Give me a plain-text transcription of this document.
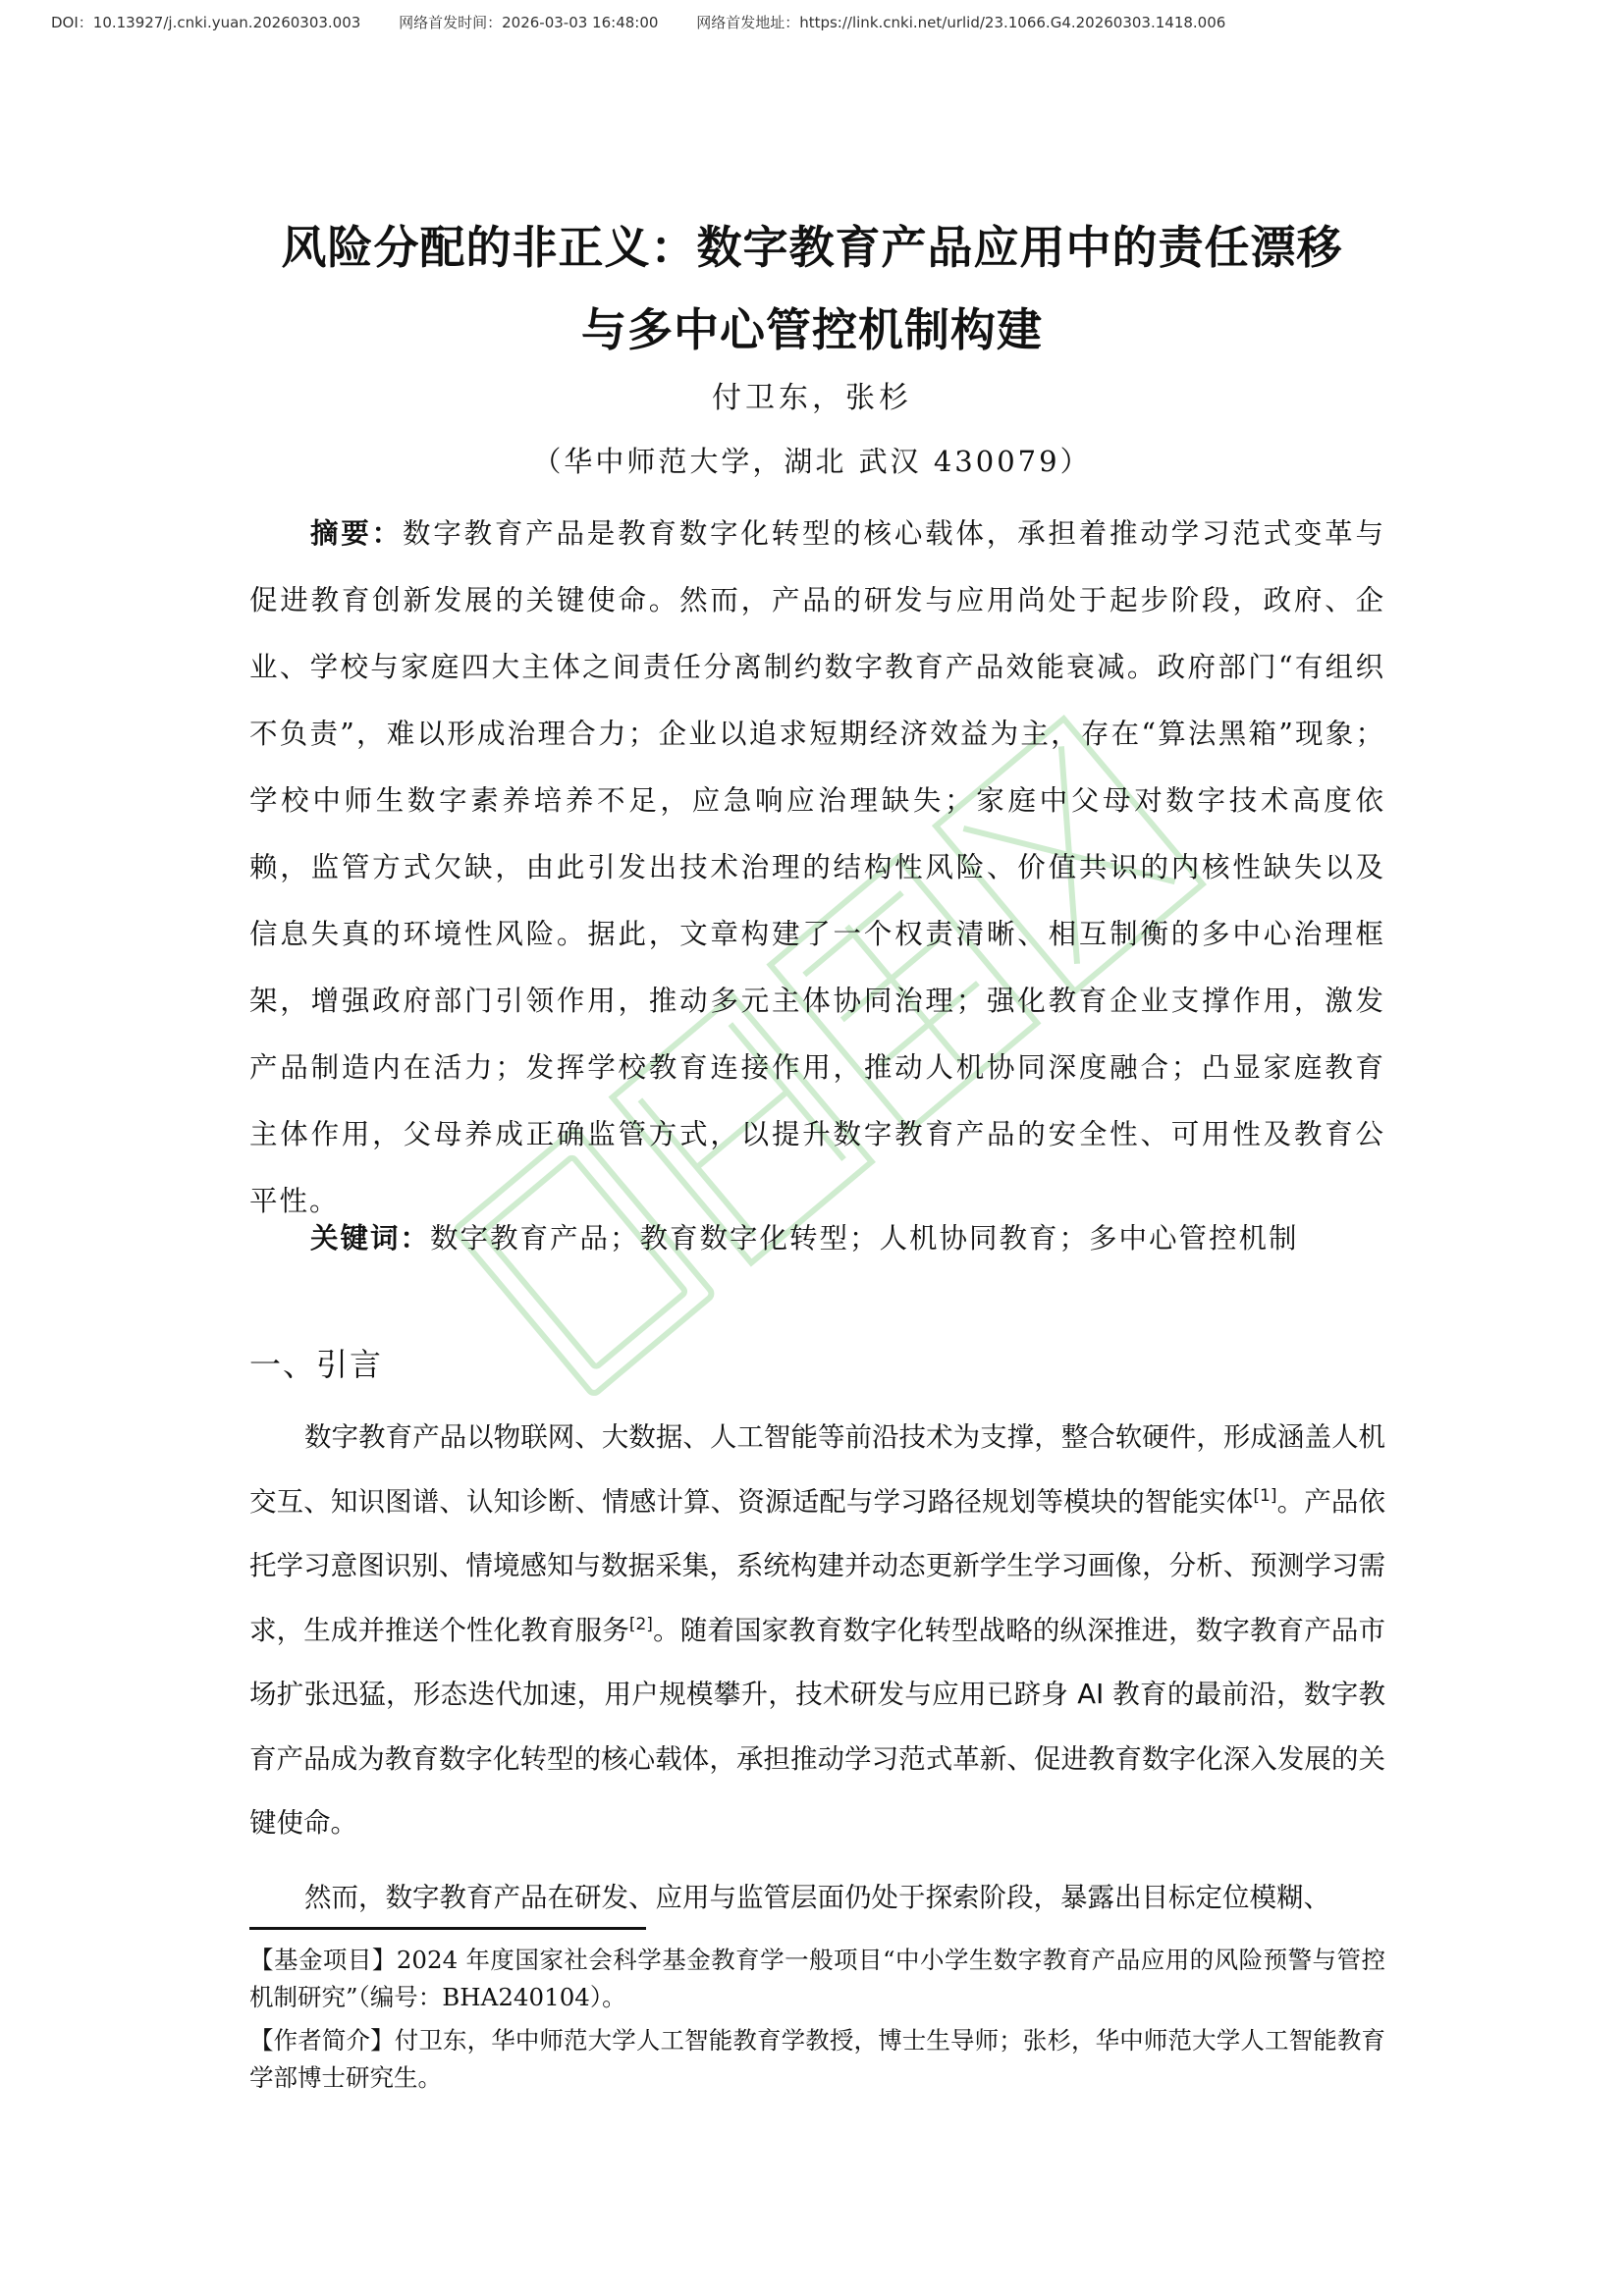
DOI：10.13927/j.cnki.yuan.20260303.003	网络首发时间：2026-03-03 16:48:00	网络首发地址：https://link.cnki.net/urlid/23.1066.G4.20260303.1418.006
风险分配的非正义：数字教育产品应用中的责任漂移
与多中心管控机制构建
付卫东，张杉
（华中师范大学，湖北 武汉 430079）
摘要：数字教育产品是教育数字化转型的核心载体，承担着推动学习范式变革与促进教育创新发展的关键使命。然而，产品的研发与应用尚处于起步阶段，政府、企业、学校与家庭四大主体之间责任分离制约数字教育产品效能衰减。政府部门“有组织不负责”，难以形成治理合力；企业以追求短期经济效益为主，存在“算法黑箱”现象；学校中师生数字素养培养不足，应急响应治理缺失；家庭中父母对数字技术高度依赖，监管方式欠缺，由此引发出技术治理的结构性风险、价值共识的内核性缺失以及信息失真的环境性风险。据此，文章构建了一个权责清晰、相互制衡的多中心治理框架，增强政府部门引领作用，推动多元主体协同治理；强化教育企业支撑作用，激发产品制造内在活力；发挥学校教育连接作用，推动人机协同深度融合；凸显家庭教育主体作用，父母养成正确监管方式，以提升数字教育产品的安全性、可用性及教育公平性。
关键词：数字教育产品；教育数字化转型；人机协同教育；多中心管控机制
一、引言

数字教育产品以物联网、大数据、人工智能等前沿技术为支撑，整合软硬件，形成涵盖人机交互、知识图谱、认知诊断、情感计算、资源适配与学习路径规划等模块的智能实体[1]。产品依托学习意图识别、情境感知与数据采集，系统构建并动态更新学生学习画像，分析、预测学习需求，生成并推送个性化教育服务[2]。随着国家教育数字化转型战略的纵深推进，数字教育产品市场扩张迅猛，形态迭代加速，用户规模攀升，技术研发与应用已跻身 AI 教育的最前沿，数字教育产品成为教育数字化转型的核心载体，承担推动学习范式革新、促进教育数字化深入发展的关键使命。

然而，数字教育产品在研发、应用与监管层面仍处于探索阶段，暴露出目标定位模糊、

【基金项目】2024 年度国家社会科学基金教育学一般项目“中小学生数字教育产品应用的风险预警与管控机制研究”（编号：BHA240104）。

【作者简介】付卫东，华中师范大学人工智能教育学教授，博士生导师；张杉，华中师范大学人工智能教育学部博士研究生。
